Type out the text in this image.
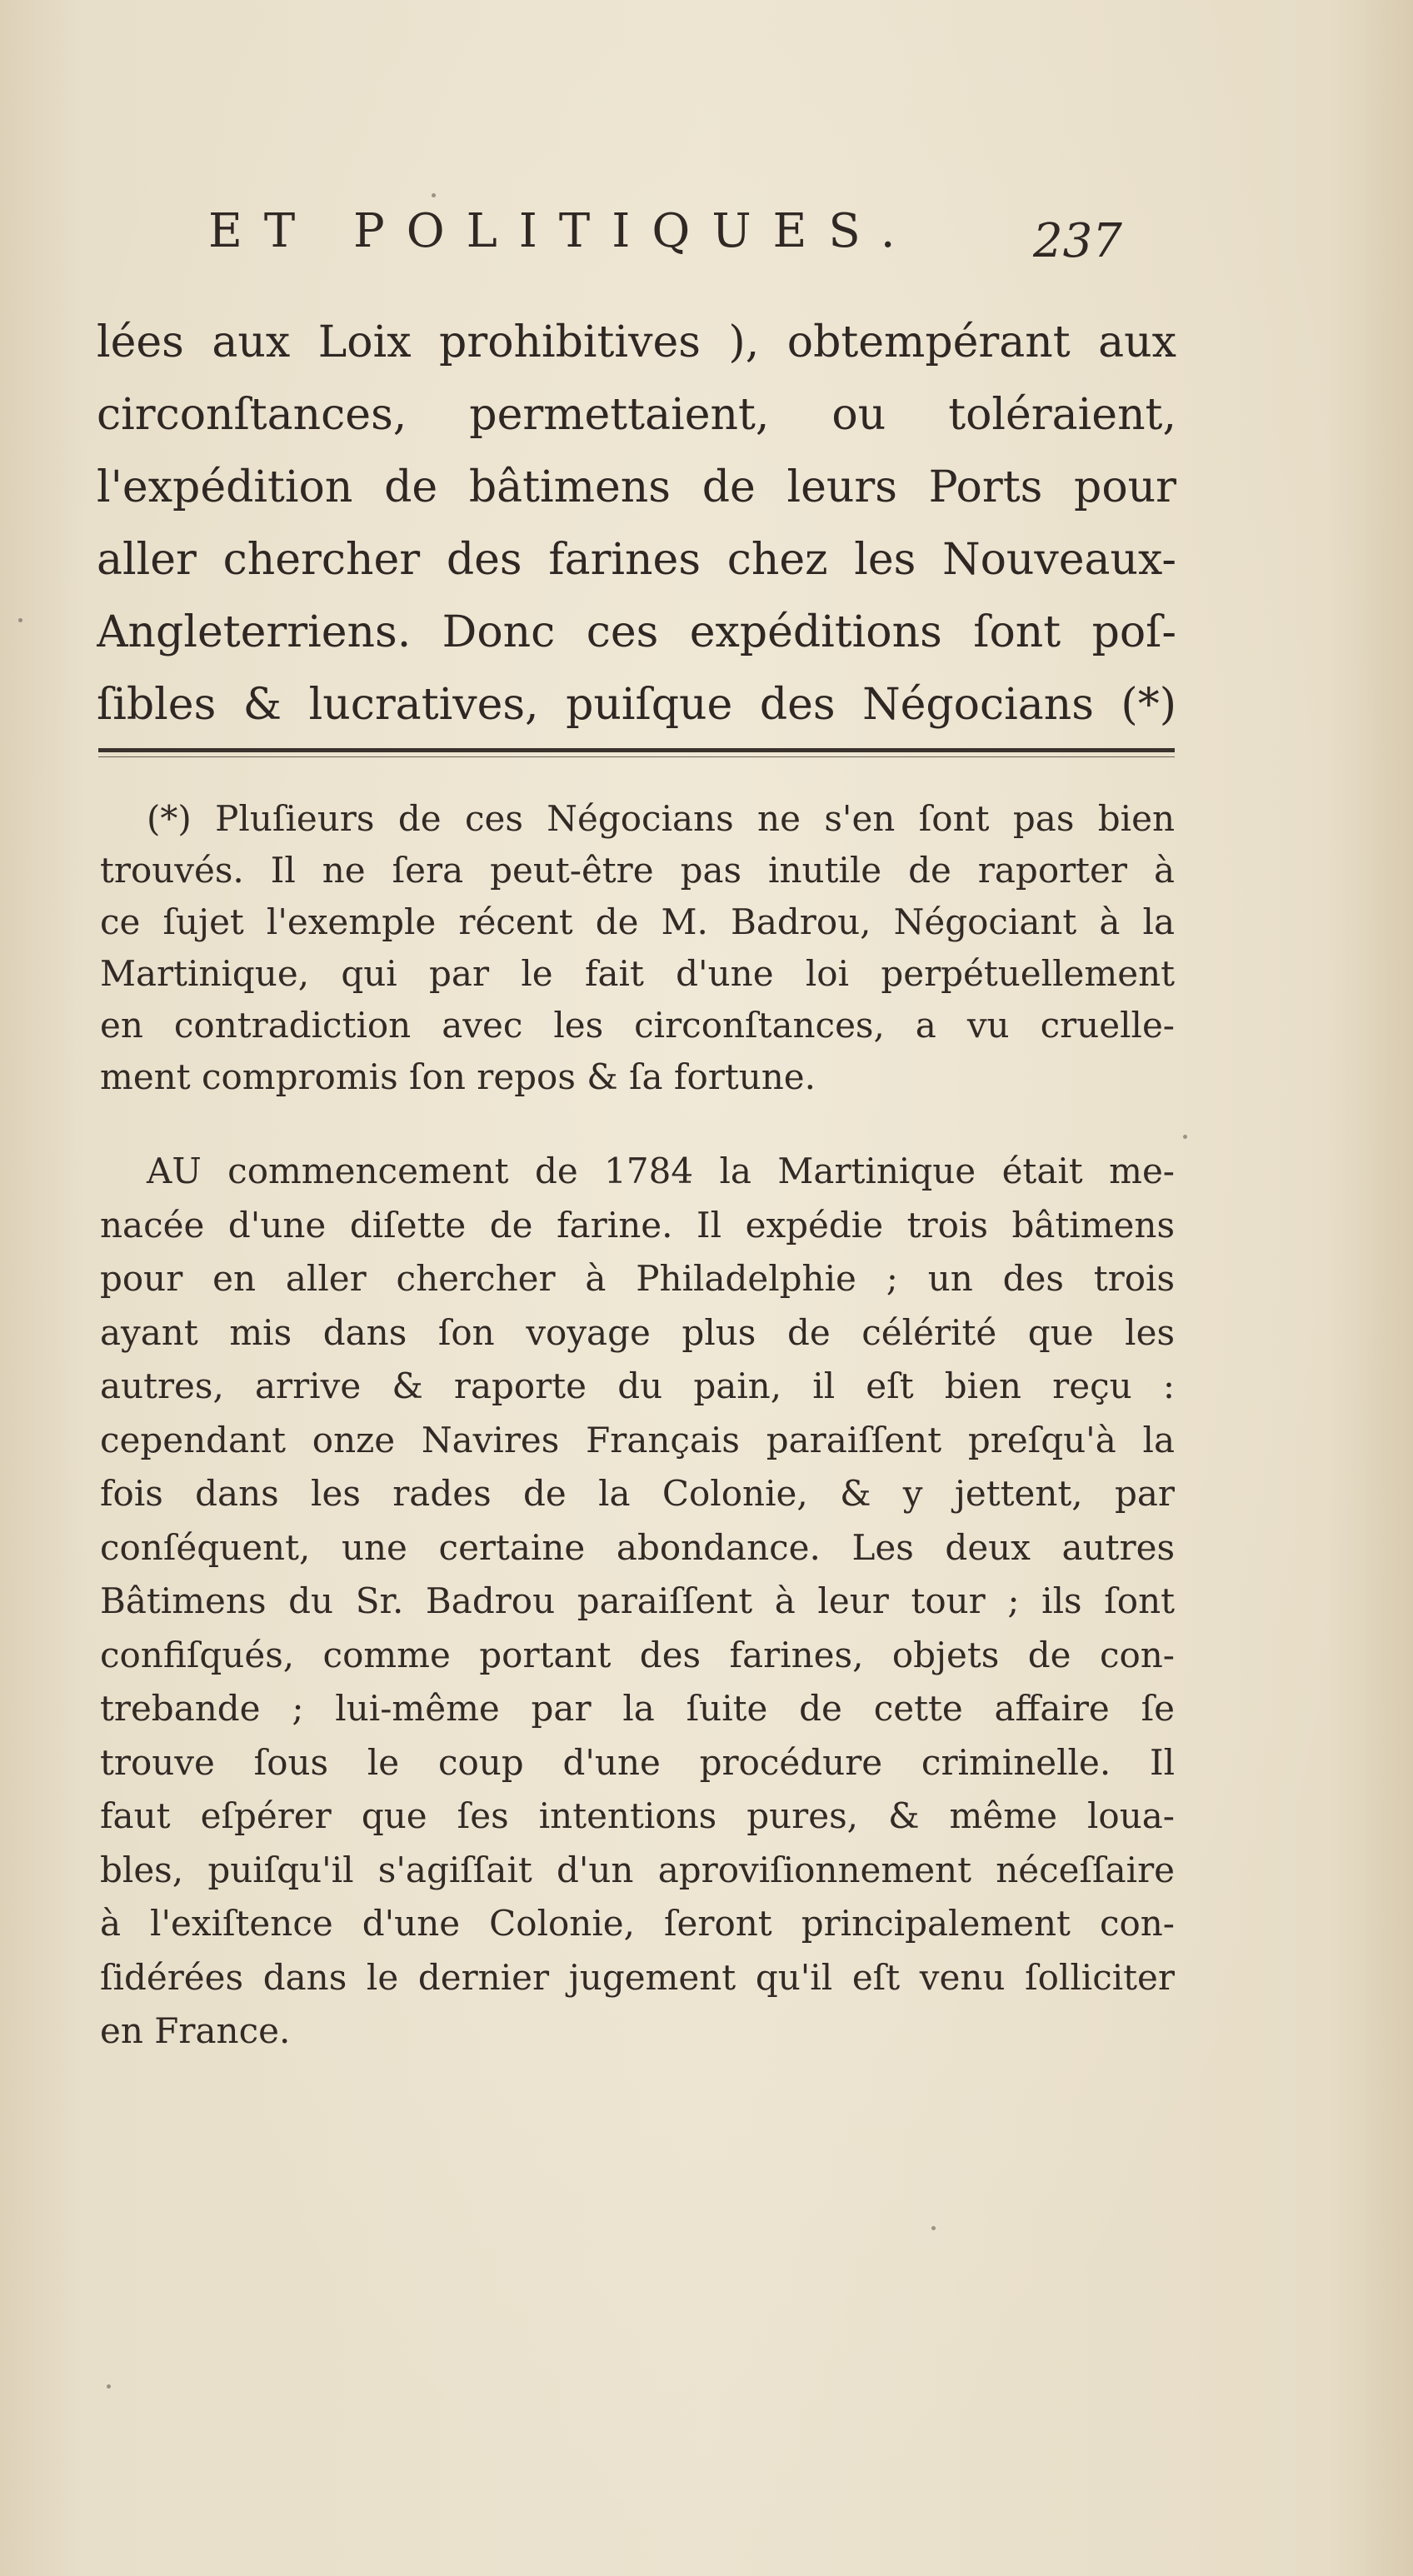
ET POLITIQUES. 237
lées aux Loix prohibitives ), obtempérant aux
circonſtances, permettaient, ou toléraient,
l'expédition de bâtimens de leurs Ports pour
aller chercher des farines chez les Nouveaux-
Angleterriens. Donc ces expéditions ſont poſ-
ſibles & lucratives, puiſque des Négocians (*)
(*) Pluſieurs de ces Négocians ne s'en ſont pas bien
trouvés. Il ne ſera peut-être pas inutile de raporter à
ce ſujet l'exemple récent de M. Badrou, Négociant à la
Martinique, qui par le fait d'une loi perpétuellement
en contradiction avec les circonſtances, a vu cruelle-
ment compromis ſon repos & ſa fortune.
AU commencement de 1784 la Martinique était me-
nacée d'une diſette de farine. Il expédie trois bâtimens
pour en aller chercher à Philadelphie ; un des trois
ayant mis dans ſon voyage plus de célérité que les
autres, arrive & raporte du pain, il eſt bien reçu :
cependant onze Navires Français paraiſſent preſqu'à la
fois dans les rades de la Colonie, & y jettent, par
conſéquent, une certaine abondance. Les deux autres
Bâtimens du Sr. Badrou paraiſſent à leur tour ; ils ſont
confiſqués, comme portant des farines, objets de con-
trebande ; lui-même par la ſuite de cette affaire ſe
trouve ſous le coup d'une procédure criminelle. Il
faut eſpérer que ſes intentions pures, & même loua-
bles, puiſqu'il s'agiſſait d'un aproviſionnement néceſſaire
à l'exiſtence d'une Colonie, ſeront principalement con-
ſidérées dans le dernier jugement qu'il eſt venu ſolliciter
en France.
